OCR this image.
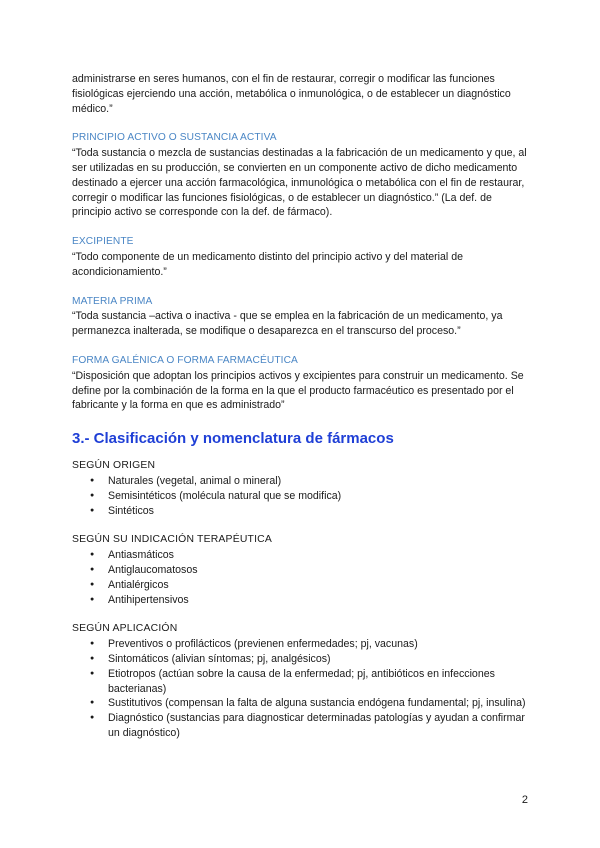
administrarse en seres humanos, con el fin de restaurar, corregir o modificar las funciones fisiológicas ejerciendo una acción, metabólica o inmunológica, o de establecer un diagnóstico médico.”

PRINCIPIO ACTIVO O SUSTANCIA ACTIVA

“Toda sustancia o mezcla de sustancias destinadas a la fabricación de un medicamento y que, al ser utilizadas en su producción, se convierten en un componente activo de dicho medicamento destinado a ejercer una acción farmacológica, inmunológica o metabólica con el fin de restaurar, corregir o modificar las funciones fisiológicas, o de establecer un diagnóstico.” (La def. de principio activo se corresponde con la def. de fármaco).

EXCIPIENTE

“Todo componente de un medicamento distinto del principio activo y del material de acondicionamiento.”

MATERIA PRIMA

“Toda sustancia –activa o inactiva - que se emplea en la fabricación de un medicamento, ya permanezca inalterada, se modifique o desaparezca en el transcurso del proceso.”

FORMA GALÉNICA O FORMA FARMACÉUTICA

“Disposición que adoptan los principios activos y excipientes para construir un medicamento. Se define por la combinación de la forma en la que el producto farmacéutico es presentado por el fabricante y la forma en que es administrado”

3.- Clasificación y nomenclatura de fármacos

SEGÚN ORIGEN

● Naturales (vegetal, animal o mineral)
● Semisintéticos (molécula natural que se modifica)
● Sintéticos

SEGÚN SU INDICACIÓN TERAPÉUTICA

● Antiasmáticos
● Antiglaucomatosos
● Antialérgicos
● Antihipertensivos

SEGÚN APLICACIÓN

● Preventivos o profilácticos (previenen enfermedades; pj, vacunas)
● Sintomáticos (alivian síntomas; pj, analgésicos)
● Etiotropos (actúan sobre la causa de la enfermedad; pj, antibióticos en infecciones bacterianas)
● Sustitutivos (compensan la falta de alguna sustancia endógena fundamental; pj, insulina)
● Diagnóstico (sustancias para diagnosticar determinadas patologías y ayudan a confirmar un diagnóstico)
2
